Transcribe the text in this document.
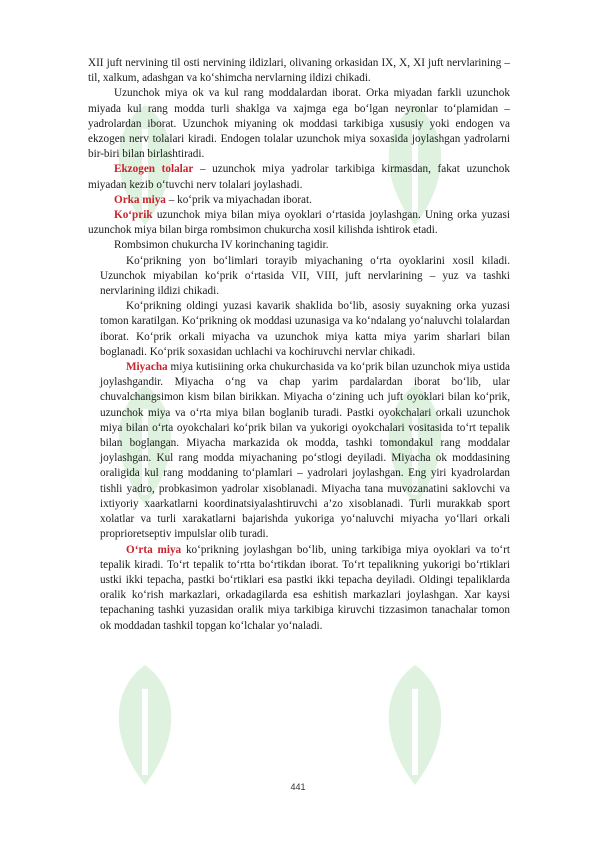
XII juft nervining til osti nervining ildizlari, olivaning orkasidan IX, X, XI juft nervlarining – til, xalkum, adashgan va ko‘shimcha nervlarning ildizi chikadi.

Uzunchok miya ok va kul rang moddalardan iborat. Orka miyadan farkli uzunchok miyada kul rang modda turli shaklga va xajmga ega bo‘lgan neyronlar to‘plamidan – yadrolardan iborat. Uzunchok miyaning ok moddasi tarkibiga xususiy yoki endogen va ekzogen nerv tolalari kiradi. Endogen tolalar uzunchok miya soxasida joylashgan yadrolarni bir-biri bilan birlashtiradi.

Ekzogen tolalar – uzunchok miya yadrolar tarkibiga kirmasdan, fakat uzunchok miyadan kezib o‘tuvchi nerv tolalari joylashadi.

Orka miya – ko‘prik va miyachadan iborat.

Ko‘prik uzunchok miya bilan miya oyoklari o‘rtasida joylashgan. Uning orka yuzasi uzunchok miya bilan birga rombsimon chukurcha xosil kilishda ishtirok etadi.

Rombsimon chukurcha IV korinchaning tagidir.

Ko‘prikning yon bo‘limlari torayib miyachaning o‘rta oyoklarini xosil kiladi. Uzunchok miyabilan ko‘prik o‘rtasida VII, VIII, juft nervlarining – yuz va tashki nervlarining ildizi chikadi.

Ko‘prikning oldingi yuzasi kavarik shaklida bo‘lib, asosiy suyakning orka yuzasi tomon karatilgan. Ko‘prikning ok moddasi uzunasiga va ko‘ndalang yo‘naluvchi tolalardan iborat. Ko‘prik orkali miyacha va uzunchok miya katta miya yarim sharlari bilan boglanadi. Ko‘prik soxasidan uchlachi va kochiruvchi nervlar chikadi.

Miyacha miya kutisiining orka chukurchasida va ko‘prik bilan uzunchok miya ustida joylashgandir. Miyacha o‘ng va chap yarim pardalardan iborat bo‘lib, ular chuvalchangsimon kism bilan birikkan. Miyacha o‘zining uch juft oyoklari bilan ko‘prik, uzunchok miya va o‘rta miya bilan boglanib turadi. Pastki oyokchalari orkali uzunchok miya bilan o‘rta oyokchalari ko‘prik bilan va yukorigi oyokchalari vositasida to‘rt tepalik bilan boglangan. Miyacha markazida ok modda, tashki tomondakul rang moddalar joylashgan. Kul rang modda miyachaning po‘stlogi deyiladi. Miyacha ok moddasining oraligida kul rang moddaning to‘plamlari – yadrolari joylashgan. Eng yiri kyadrolardan tishli yadro, probkasimon yadrolar xisoblanadi. Miyacha tana muvozanatini saklovchi va ixtiyoriy xaarkatlarni koordinatsiyalashtiruvchi a’zo xisoblanadi. Turli murakkab sport xolatlar va turli xarakatlarni bajarishda yukoriga yo‘naluvchi miyacha yo‘llari orkali proprioretseptiv impulslar olib turadi.

O‘rta miya ko‘prikning joylashgan bo‘lib, uning tarkibiga miya oyoklari va to‘rt tepalik kiradi. To‘rt tepalik to‘rtta bo‘rtikdan iborat. To‘rt tepalikning yukorigi bo‘rtiklari ustki ikki tepacha, pastki bo‘rtiklari esa pastki ikki tepacha deyiladi. Oldingi tepaliklarda oralik ko‘rish markazlari, orkadagilarda esa eshitish markazlari joylashgan. Xar kaysi tepachaning tashki yuzasidan oralik miya tarkibiga kiruvchi tizzasimon tanachalar tomon ok moddadan tashkil topgan ko‘lchalar yo‘naladi.

441
